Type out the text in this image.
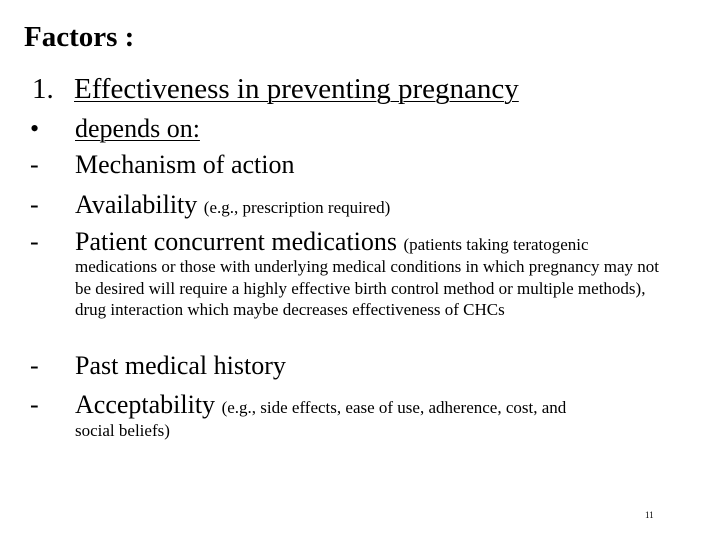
Factors :
1. Effectiveness in preventing pregnancy
•	depends on:
-	Mechanism of action
-	Availability (e.g., prescription required)
-	Patient concurrent medications (patients taking teratogenic
medications or those with underlying medical conditions in which pregnancy may not be desired will require a highly effective birth control method or multiple methods), drug interaction which maybe decreases effectiveness of CHCs
-	Past medical history
-	Acceptability (e.g., side effects, ease of use, adherence, cost, and
social beliefs)
11
